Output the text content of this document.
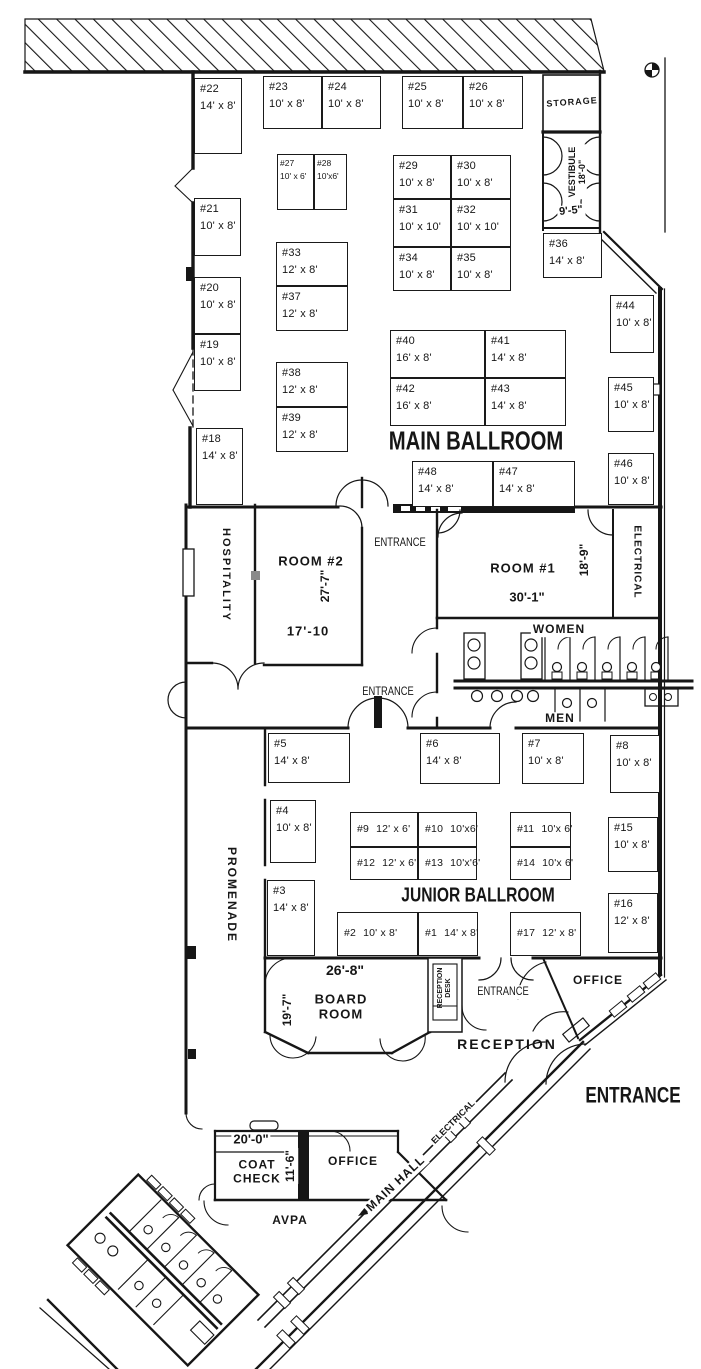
#22
14' x 8'
#23
10' x 8'
#24
10' x 8'
#25
10' x 8'
#26
10' x 8'
#27
10' x 6'
#28
10'x6'
#29
10' x 8'
#30
10' x 8'
#31
10' x 10'
#32
10' x 10'
#34
10' x 8'
#35
10' x 8'
#33
12' x 8'
#37
12' x 8'
#21
10' x 8'
#20
10' x 8'
#19
10' x 8'
#18
14' x 8'
#38
12' x 8'
#39
12' x 8'
#40
16' x 8'
#41
14' x 8'
#42
16' x 8'
#43
14' x 8'
#36
14' x 8'
#44
10' x 8'
#45
10' x 8'
#46
10' x 8'
#48
14' x 8'
#47
14' x 8'
#5
14' x 8'
#6
14' x 8'
#7
10' x 8'
#8
10' x 8'
#4
10' x 8'	#9 12' x 6' #10 10'x6'
#12 12' x 6' #13 10'x'6'
#11 10'x 6'
#14 10'x 6'
#15
10' x 8'
#16
12' x 8'
#3
14' x 8'
#2 10' x 8'	#1 14' x 8'	#17 12' x 8'
MAIN BALLROOM
JUNIOR BALLROOM
STORAGE
VESTIBULE 18'-0"
9'-5"
HOSPITALITY	ROOM #2
27'-7"
17'-10
ENTRANCE
ROOM #1
30'-1"
18'-9"	ELECTRICAL
WOMEN
MEN
ENTRANCE
PROMENADE
26'-8"
BOARD
ROOM
19'-7"
RECEPTION DESK ENTRANCE
RECEPTION
OFFICE
ENTRANCE
20'-0"
COAT
CHECK 11'-6"	OFFICE
AVPA
MAIN HALL
ELECTRICAL
